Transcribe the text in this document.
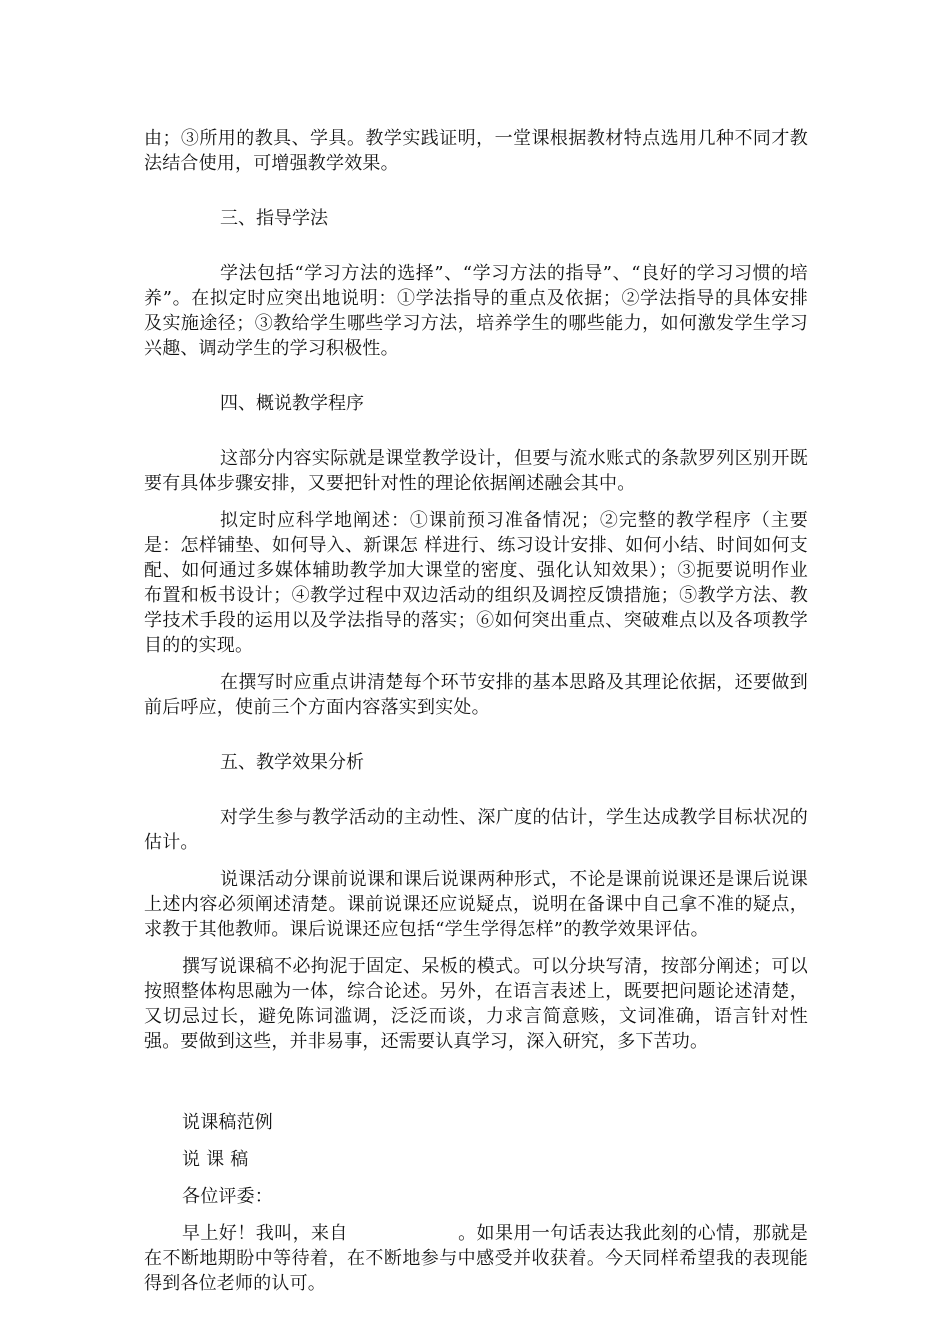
由；③所用的教具、学具。教学实践证明，一堂课根据教材特点选用几种不同才教法结合使用，可增强教学效果。

三、指导学法

学法包括“学习方法的选择”、“学习方法的指导”、“良好的学习习惯的培养”。在拟定时应突出地说明：①学法指导的重点及依据；②学法指导的具体安排及实施途径；③教给学生哪些学习方法，培养学生的哪些能力，如何激发学生学习兴趣、调动学生的学习积极性。

四、概说教学程序

这部分内容实际就是课堂教学设计，但要与流水账式的条款罗列区别开既要有具体步骤安排，又要把针对性的理论依据阐述融会其中。

拟定时应科学地阐述：①课前预习准备情况；②完整的教学程序（主要是：怎样铺垫、如何导入、新课怎 样进行、练习设计安排、如何小结、时间如何支配、如何通过多媒体辅助教学加大课堂的密度、强化认知效果）；③扼要说明作业布置和板书设计；④教学过程中双边活动的组织及调控反馈措施；⑤教学方法、教学技术手段的运用以及学法指导的落实；⑥如何突出重点、突破难点以及各项教学目的的实现。

在撰写时应重点讲清楚每个环节安排的基本思路及其理论依据，还要做到前后呼应，使前三个方面内容落实到实处。

五、教学效果分析

对学生参与教学活动的主动性、深广度的估计，学生达成教学目标状况的估计。

说课活动分课前说课和课后说课两种形式，不论是课前说课还是课后说课上述内容必须阐述清楚。课前说课还应说疑点，说明在备课中自己拿不准的疑点，求教于其他教师。课后说课还应包括“学生学得怎样”的教学效果评估。

撰写说课稿不必拘泥于固定、呆板的模式。可以分块写清，按部分阐述；可以按照整体构思融为一体，综合论述。另外，在语言表述上，既要把问题论述清楚，又切忌过长，避免陈词滥调，泛泛而谈，力求言简意赅，文词准确，语言针对性强。要做到这些，并非易事，还需要认真学习，深入研究，多下苦功。

说课稿范例

说 课 稿

各位评委：

早上好！我叫，来自	。如果用一句话表达我此刻的心情，那就是在不断地期盼中等待着，在不断地参与中感受并收获着。今天同样希望我的表现能得到各位老师的认可。
